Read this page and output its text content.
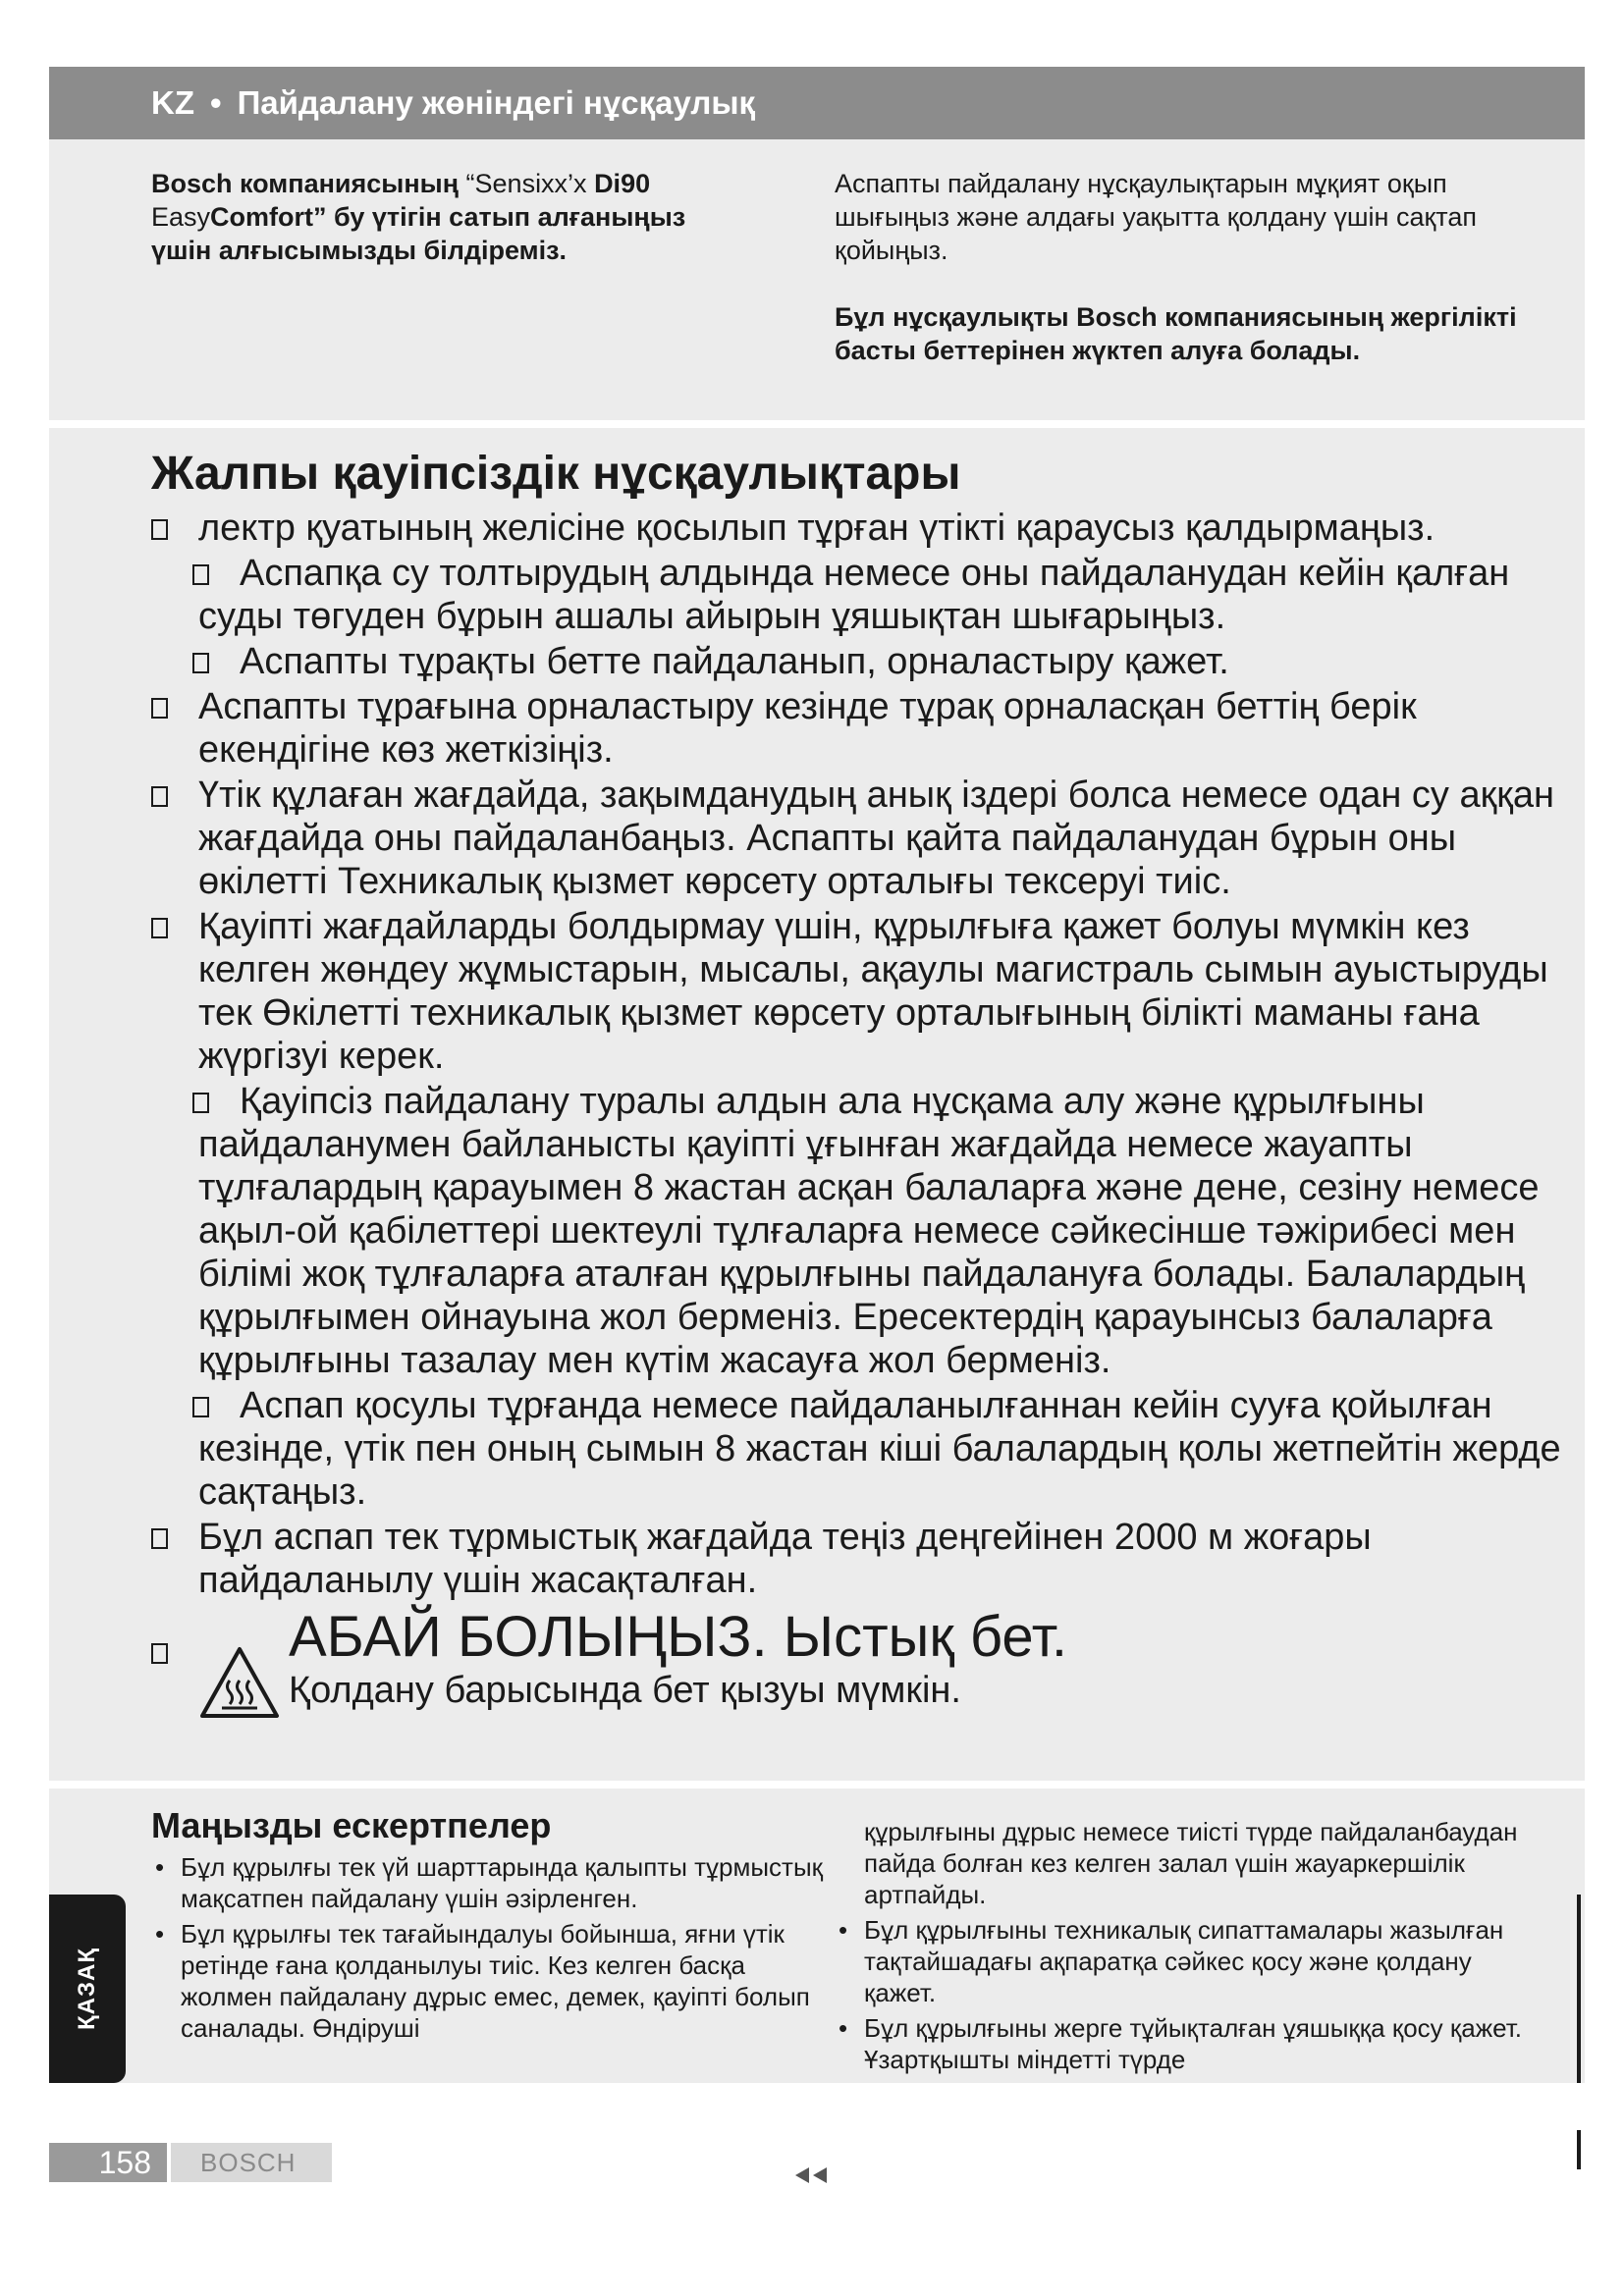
KZ • Пайдалану жөніндегі нұсқаулық
Bosch компаниясының “Sensixx’x Di90
EasyComfort” бу үтігін сатып алғаныңыз
үшін алғысымызды білдіреміз.

Аспапты пайдалану нұсқаулықтарын мұқият оқып шығыңыз және алдағы уақытта қолдану үшін сақтап қойыңыз.

Бұл нұсқаулықты Bosch компаниясының жергілікті басты беттерінен жүктеп алуға болады.

Жалпы қауіпсіздік нұсқаулықтары
лектр қуатының желісіне қосылып тұрған үтікті қараусыз қалдырмаңыз.
Аспапқа су толтырудың алдында немесе оны пайдаланудан кейін қалған суды төгуден бұрын ашалы айырын ұяшықтан шығарыңыз.
Аспапты тұрақты бетте пайдаланып, орналастыру қажет.
Аспапты тұрағына орналастыру кезінде тұрақ орналасқан беттің берік екендігіне көз жеткізіңіз.
Үтік құлаған жағдайда, зақымданудың анық іздері болса немесе одан су аққан жағдайда оны пайдаланбаңыз. Аспапты қайта пайдаланудан бұрын оны өкілетті Техникалық қызмет көрсету орталығы тексеруі тиіс.
Қауіпті жағдайларды болдырмау үшін, құрылғыға қажет болуы мүмкін кез келген жөндеу жұмыстарын, мысалы, ақаулы магистраль сымын ауыстыруды тек Өкілетті техникалық қызмет көрсету орталығының білікті маманы ғана жүргізуі керек.
Қауіпсіз пайдалану туралы алдын ала нұсқама алу және құрылғыны пайдаланумен байланысты қауіпті ұғынған жағдайда немесе жауапты тұлғалардың қарауымен 8 жастан асқан балаларға және дене, сезіну немесе ақыл-ой қабілеттері шектеулі тұлғаларға немесе сәйкесінше тәжірибесі мен білімі жоқ тұлғаларға аталған құрылғыны пайдалануға болады. Балалардың құрылғымен ойнауына жол берменіз. Ересектердің қарауынсыз балаларға құрылғыны тазалау мен күтім жасауға жол берменіз.
Аспап қосулы тұрғанда немесе пайдаланылғаннан кейін сууға қойылған кезінде, үтік пен оның сымын 8 жастан кіші балалардың қолы жетпейтін жерде сақтаңыз.
Бұл аспап тек тұрмыстық жағдайда теңіз деңгейінен 2000 м жоғары пайдаланылу үшін жасақталған.
АБАЙ БОЛЫҢЫЗ. Ыстық бет.
Қолдану барысында бет қызуы мүмкін.
Маңызды ескертпелер
• Бұл құрылғы тек үй шарттарында қалыпты тұрмыстық мақсатпен пайдалану үшін әзірленген.
• Бұл құрылғы тек тағайындалуы бойынша, яғни үтік ретінде ғана қолданылуы тиіс. Кез келген басқа жолмен пайдалану дұрыс емес, демек, қауіпті болып саналады. Өндіруші
құрылғыны дұрыс немесе тиісті түрде пайдаланбаудан пайда болған кез келген залал үшін жауаркершілік артпайды.
• Бұл құрылғыны техникалық сипаттамалары жазылған тақтайшадағы ақпаратқа сәйкес қосу және қолдану қажет.
• Бұл құрылғыны жерге тұйықталған ұяшыққа қосу қажет. Ұзартқышты міндетті түрде
ҚАЗАҚ
158	BOSCH
